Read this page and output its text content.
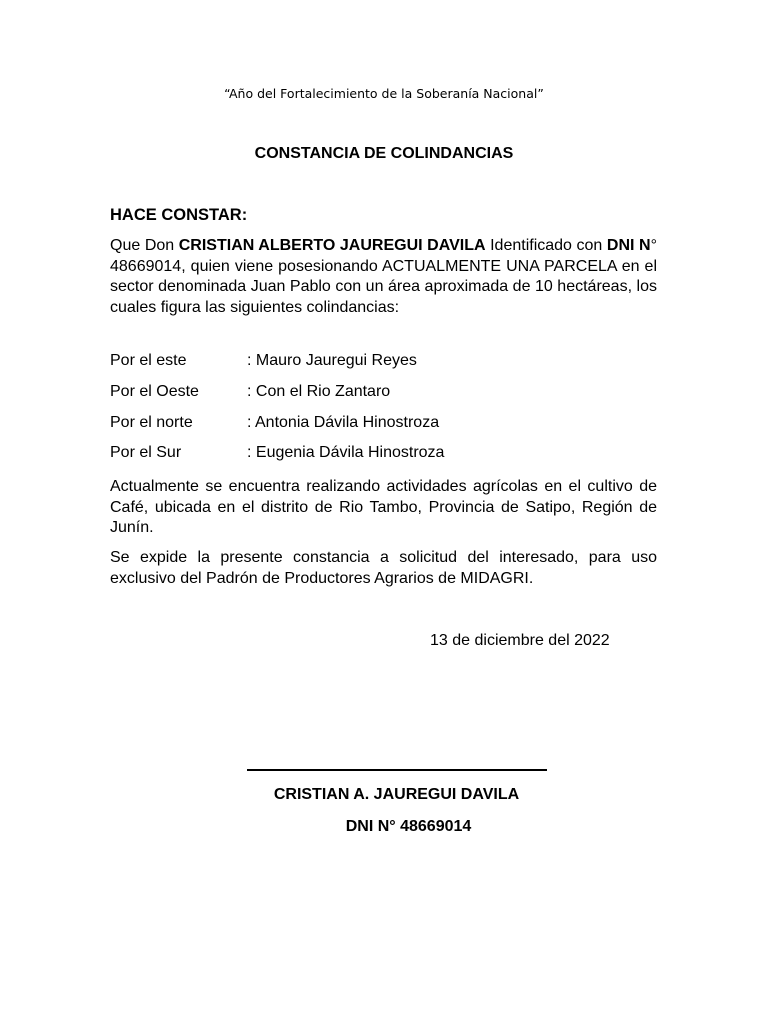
“Año del Fortalecimiento de la Soberanía Nacional”
CONSTANCIA DE COLINDANCIAS
HACE CONSTAR:
Que Don CRISTIAN ALBERTO JAUREGUI DAVILA Identificado con DNI N° 48669014, quien viene posesionando ACTUALMENTE UNA PARCELA en el sector denominada Juan Pablo con un área aproximada de 10 hectáreas, los cuales figura las siguientes colindancias:
Por el este	: Mauro Jauregui Reyes
Por el Oeste	: Con el Rio Zantaro
Por el norte	: Antonia Dávila Hinostroza
Por el Sur	: Eugenia Dávila Hinostroza
Actualmente se encuentra realizando actividades agrícolas en el cultivo de Café, ubicada en el distrito de Rio Tambo, Provincia de Satipo, Región de Junín.
Se expide la presente constancia a solicitud del interesado, para uso exclusivo del Padrón de Productores Agrarios de MIDAGRI.
13 de diciembre del 2022
CRISTIAN A. JAUREGUI DAVILA
DNI N° 48669014
